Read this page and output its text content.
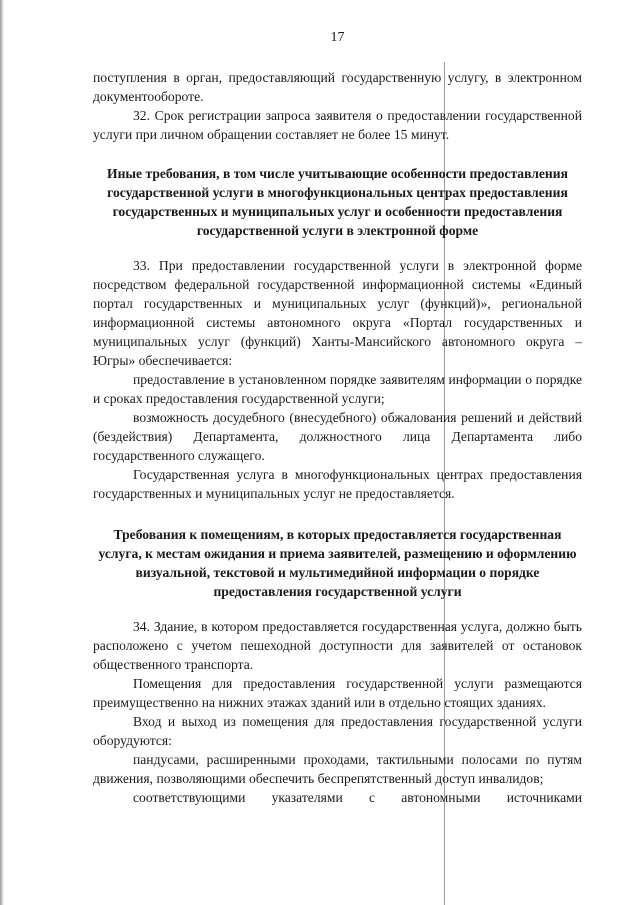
17

поступления в орган, предоставляющий государственную услугу, в электронном документообороте.

32. Срок регистрации запроса заявителя о предоставлении государственной услуги при личном обращении составляет не более 15 минут.

Иные требования, в том числе учитывающие особенности предоставления государственной услуги в многофункциональных центрах предоставления государственных и муниципальных услуг и особенности предоставления государственной услуги в электронной форме

33. При предоставлении государственной услуги в электронной форме посредством федеральной государственной информационной системы «Единый портал государственных и муниципальных услуг (функций)», региональной информационной системы автономного округа «Портал государственных и муниципальных услуг (функций) Ханты-Мансийского автономного округа – Югры» обеспечивается:

предоставление в установленном порядке заявителям информации о порядке и сроках предоставления государственной услуги;

возможность досудебного (внесудебного) обжалования решений и действий (бездействия) Департамента, должностного лица Департамента либо государственного служащего.

Государственная услуга в многофункциональных центрах предоставления государственных и муниципальных услуг не предоставляется.

Требования к помещениям, в которых предоставляется государственная услуга, к местам ожидания и приема заявителей, размещению и оформлению визуальной, текстовой и мультимедийной информации о порядке предоставления государственной услуги

34. Здание, в котором предоставляется государственная услуга, должно быть расположено с учетом пешеходной доступности для заявителей от остановок общественного транспорта.

Помещения для предоставления государственной услуги размещаются преимущественно на нижних этажах зданий или в отдельно стоящих зданиях.

Вход и выход из помещения для предоставления государственной услуги оборудуются:

пандусами, расширенными проходами, тактильными полосами по путям движения, позволяющими обеспечить беспрепятственный доступ инвалидов;

соответствующими указателями с автономными источниками
